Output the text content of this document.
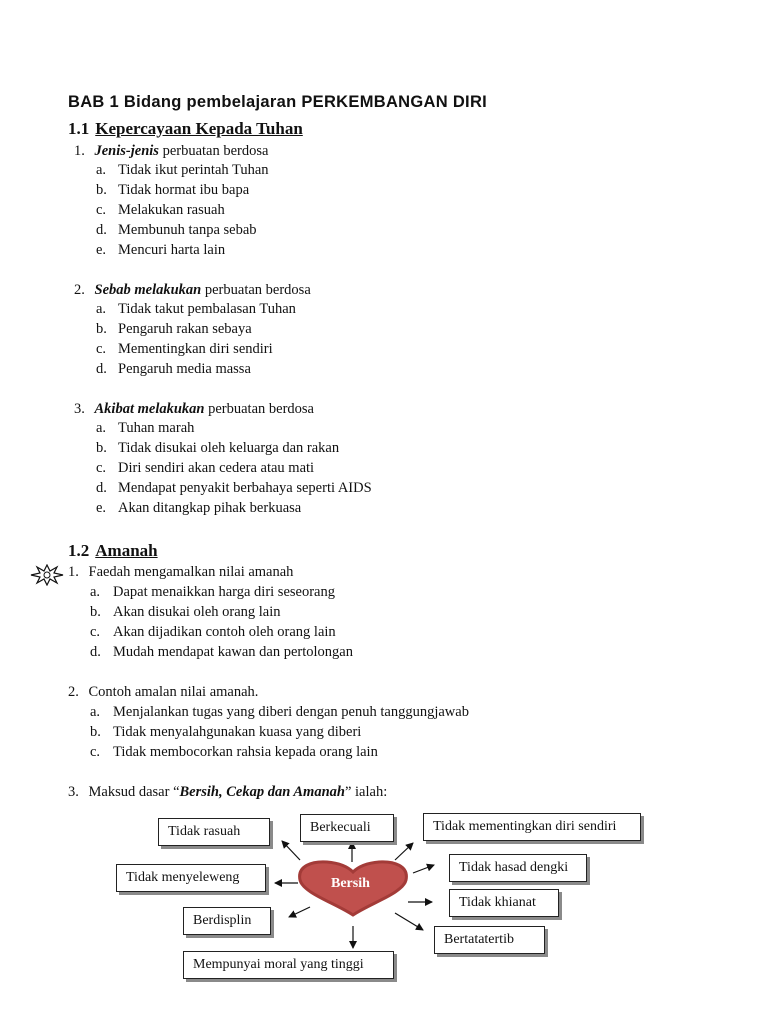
BAB 1 Bidang pembelajaran PERKEMBANGAN DIRI
1.1 Kepercayaan Kepada Tuhan
1. Jenis-jenis perbuatan berdosa
a. Tidak ikut perintah Tuhan
b. Tidak hormat ibu bapa
c. Melakukan rasuah
d. Membunuh tanpa sebab
e. Mencuri harta lain
2. Sebab melakukan perbuatan berdosa
a. Tidak takut pembalasan Tuhan
b. Pengaruh rakan sebaya
c. Mementingkan diri sendiri
d. Pengaruh media massa
3. Akibat melakukan perbuatan berdosa
a. Tuhan marah
b. Tidak disukai oleh keluarga dan rakan
c. Diri sendiri akan cedera atau mati
d. Mendapat penyakit berbahaya seperti AIDS
e. Akan ditangkap pihak berkuasa
1.2 Amanah
1. Faedah mengamalkan nilai amanah
a. Dapat menaikkan harga diri seseorang
b. Akan disukai oleh orang lain
c. Akan dijadikan contoh oleh orang lain
d. Mudah mendapat kawan dan pertolongan
2. Contoh amalan nilai amanah.
a. Menjalankan tugas yang diberi dengan penuh tanggungjawab
b. Tidak menyalahgunakan kuasa yang diberi
c. Tidak membocorkan rahsia kepada orang lain
3. Maksud dasar “Bersih, Cekap dan Amanah” ialah:
Bersih
Tidak rasuah	Berkecuali	Tidak mementingkan diri sendiri
Tidak menyeleweng
Tidak hasad dengki
Tidak khianat
Berdisplin
Bertatatertib
Mempunyai moral yang tinggi
